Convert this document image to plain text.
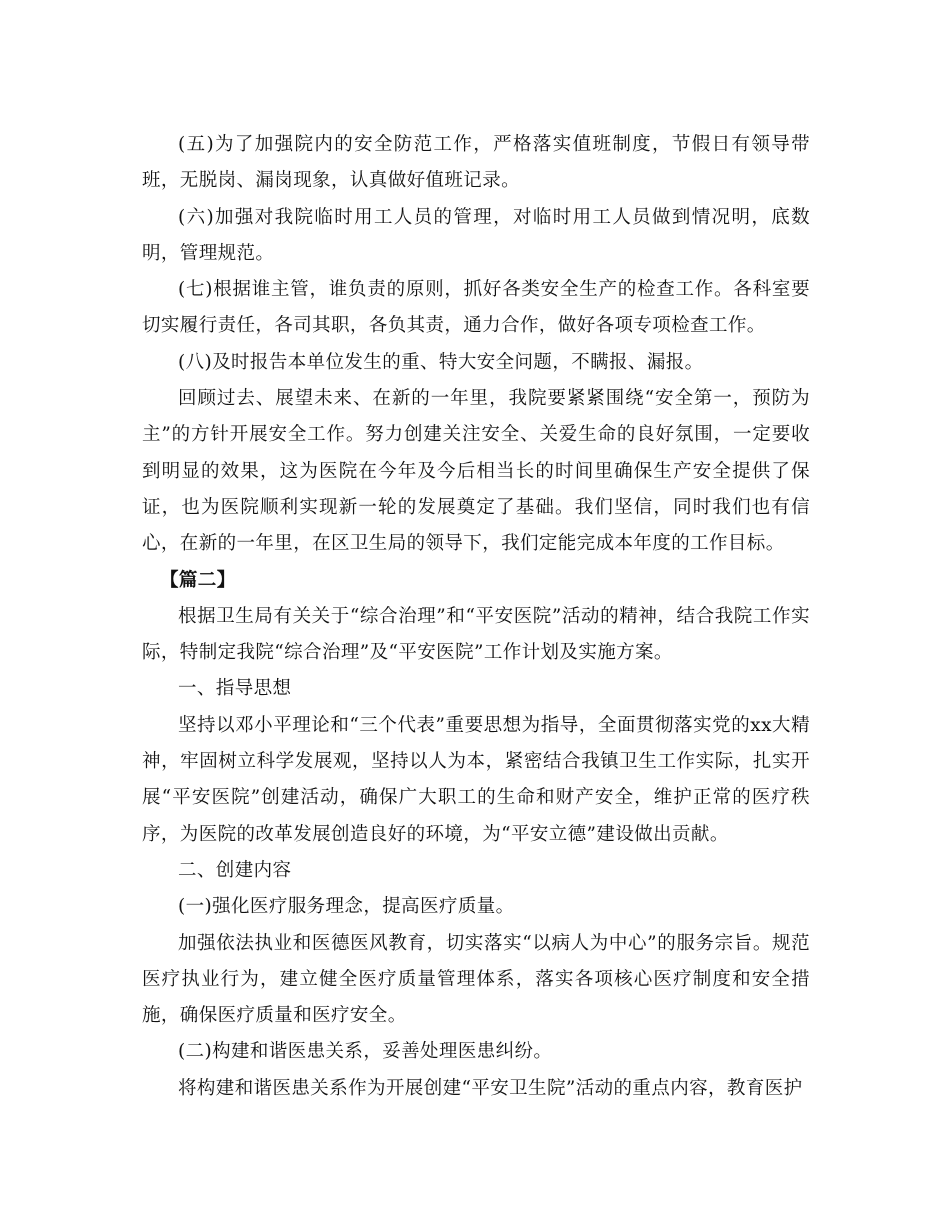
(五)为了加强院内的安全防范工作，严格落实值班制度，节假日有领导带班，无脱岗、漏岗现象，认真做好值班记录。

(六)加强对我院临时用工人员的管理，对临时用工人员做到情况明，底数明，管理规范。

(七)根据谁主管，谁负责的原则，抓好各类安全生产的检查工作。各科室要切实履行责任，各司其职，各负其责，通力合作，做好各项专项检查工作。

(八)及时报告本单位发生的重、特大安全问题，不瞒报、漏报。

回顾过去、展望未来、在新的一年里，我院要紧紧围绕“安全第一，预防为主”的方针开展安全工作。努力创建关注安全、关爱生命的良好氛围，一定要收到明显的效果，这为医院在今年及今后相当长的时间里确保生产安全提供了保证，也为医院顺利实现新一轮的发展奠定了基础。我们坚信，同时我们也有信心，在新的一年里，在区卫生局的领导下，我们定能完成本年度的工作目标。

【篇二】

根据卫生局有关关于“综合治理”和“平安医院”活动的精神，结合我院工作实际，特制定我院“综合治理”及“平安医院”工作计划及实施方案。

一、指导思想

坚持以邓小平理论和“三个代表”重要思想为指导，全面贯彻落实党的xx大精神，牢固树立科学发展观，坚持以人为本，紧密结合我镇卫生工作实际，扎实开展“平安医院”创建活动，确保广大职工的生命和财产安全，维护正常的医疗秩序，为医院的改革发展创造良好的环境，为“平安立德”建设做出贡献。

二、创建内容

(一)强化医疗服务理念，提高医疗质量。

加强依法执业和医德医风教育，切实落实“以病人为中心”的服务宗旨。规范医疗执业行为，建立健全医疗质量管理体系，落实各项核心医疗制度和安全措施，确保医疗质量和医疗安全。

(二)构建和谐医患关系，妥善处理医患纠纷。

将构建和谐医患关系作为开展创建“平安卫生院”活动的重点内容，教育医护
